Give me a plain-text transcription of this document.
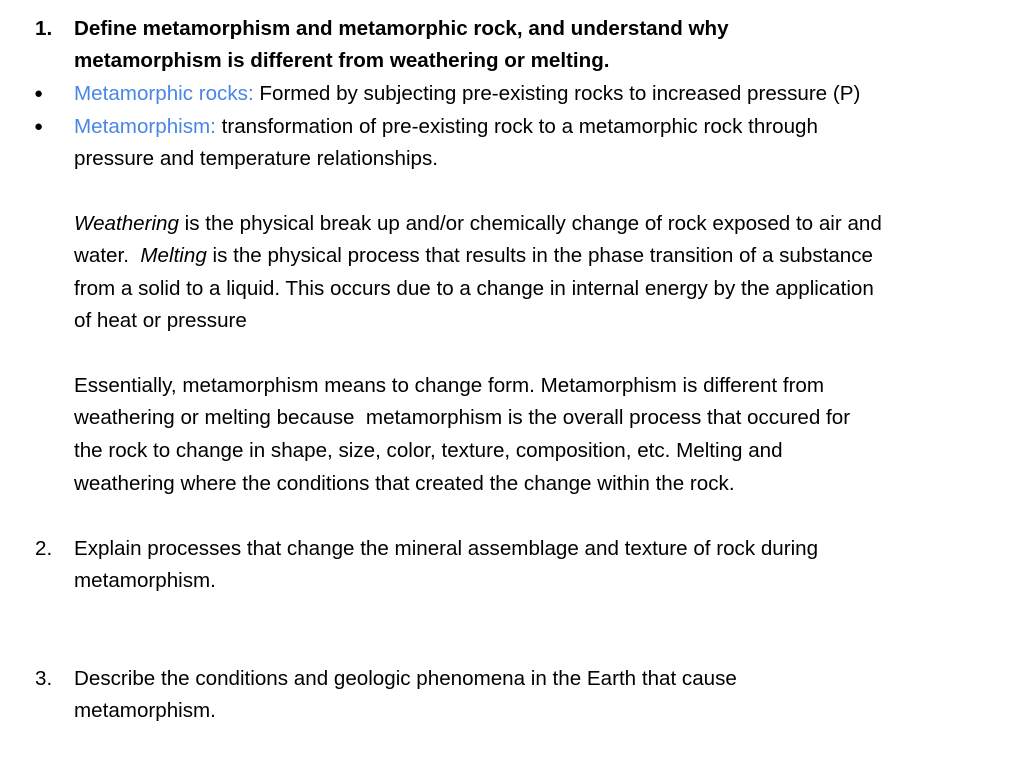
1. Define metamorphism and metamorphic rock, and understand why
metamorphism is different from weathering or melting.
● Metamorphic rocks: Formed by subjecting pre-existing rocks to increased pressure (P)
● Metamorphism: transformation of pre-existing rock to a metamorphic rock through
pressure and temperature relationships.
Weathering is the physical break up and/or chemically change of rock exposed to air and
water.  Melting is the physical process that results in the phase transition of a substance
from a solid to a liquid. This occurs due to a change in internal energy by the application
of heat or pressure
Essentially, metamorphism means to change form. Metamorphism is different from
weathering or melting because  metamorphism is the overall process that occured for
the rock to change in shape, size, color, texture, composition, etc. Melting and
weathering where the conditions that created the change within the rock.
2. Explain processes that change the mineral assemblage and texture of rock during
metamorphism.
3. Describe the conditions and geologic phenomena in the Earth that cause
metamorphism.
